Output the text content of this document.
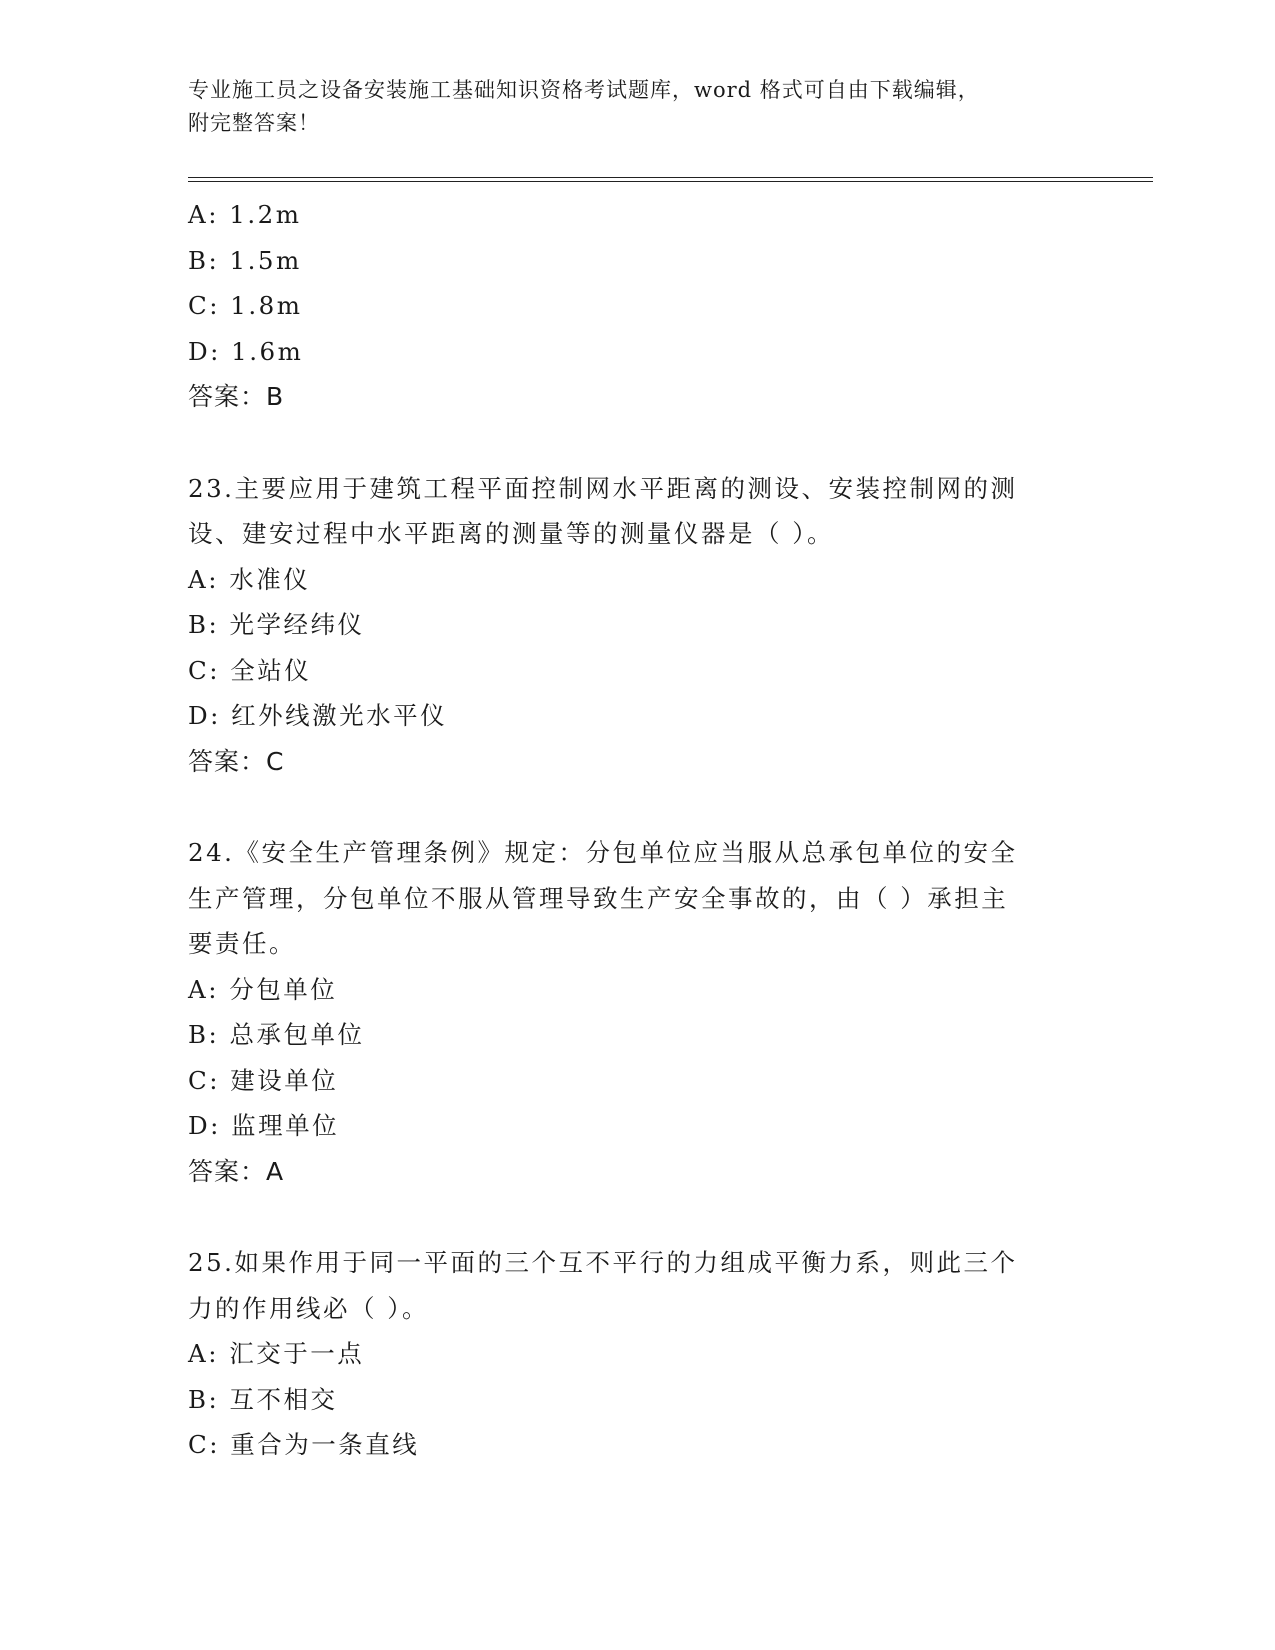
专业施工员之设备安装施工基础知识资格考试题库，word 格式可自由下载编辑，
附完整答案！
A: 1.2m
B: 1.5m
C: 1.8m
D: 1.6m
答案：B
23.主要应用于建筑工程平面控制网水平距离的测设、安装控制网的测
设、建安过程中水平距离的测量等的测量仪器是（ ）。
A: 水准仪
B: 光学经纬仪
C: 全站仪
D: 红外线激光水平仪
答案：C
24.《安全生产管理条例》规定：分包单位应当服从总承包单位的安全
生产管理，分包单位不服从管理导致生产安全事故的，由（ ）承担主
要责任。
A: 分包单位
B: 总承包单位
C: 建设单位
D: 监理单位
答案：A
25.如果作用于同一平面的三个互不平行的力组成平衡力系，则此三个
力的作用线必（ ）。
A: 汇交于一点
B: 互不相交
C: 重合为一条直线
